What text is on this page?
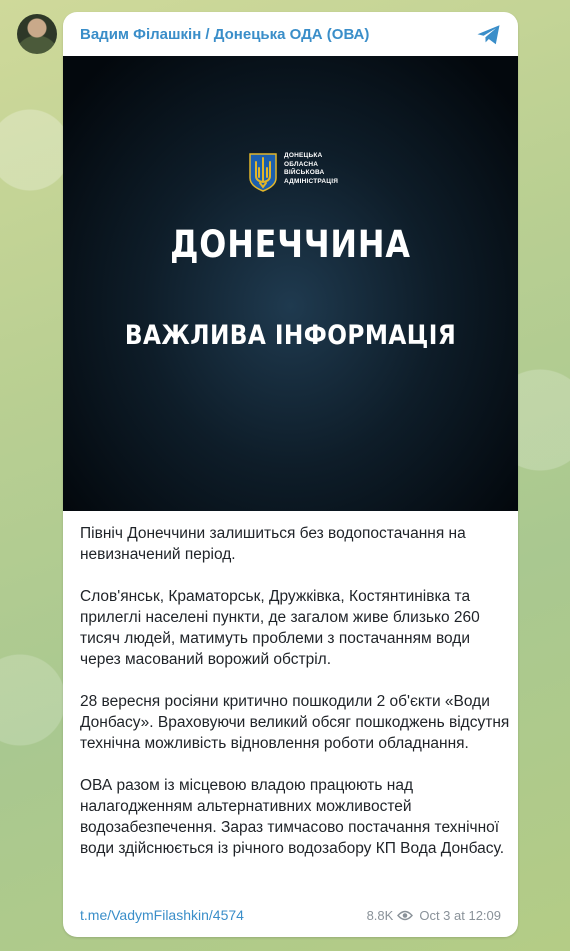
Вадим Філашкін / Донецька ОДА (ОВА)
ДОНЕЦЬКА
ОБЛАСНА
ВІЙСЬКОВА
АДМІНІСТРАЦІЯ
ДОНЕЧЧИНА
ВАЖЛИВА ІНФОРМАЦІЯ

Північ Донеччини залишиться без водопостачання на невизначений період.

Слов'янськ, Краматорськ, Дружківка, Костянтинівка та прилеглі населені пункти, де загалом живе близько 260 тисяч людей, матимуть проблеми з постачанням води через масований ворожий обстріл.

28 вересня росіяни критично пошкодили 2 об'єкти «Води Донбасу». Враховуючи великий обсяг пошкоджень відсутня технічна можливість відновлення роботи обладнання.

ОВА разом із місцевою владою працюють над налагодженням альтернативних можливостей водозабезпечення. Зараз тимчасово постачання технічної води здійснюється із річного водозабору КП Вода Донбасу.

t.me/VadymFilashkin/4574	8.8K Oct 3 at 12:09
